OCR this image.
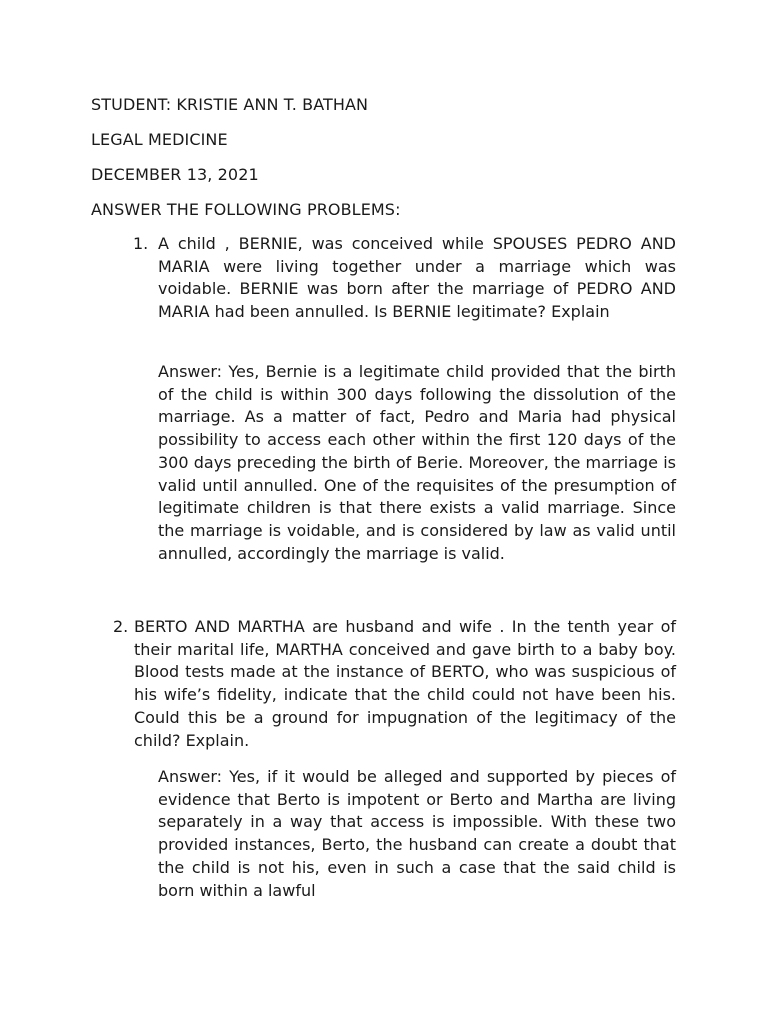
STUDENT: KRISTIE ANN T. BATHAN

LEGAL MEDICINE

DECEMBER 13, 2021

ANSWER THE FOLLOWING PROBLEMS:

1. A child , BERNIE, was conceived while SPOUSES PEDRO AND MARIA were living together under a marriage which was voidable. BERNIE was born after the marriage of PEDRO AND MARIA had been annulled. Is BERNIE legitimate? Explain

Answer: Yes, Bernie is a legitimate child provided that the birth of the child is within 300 days following the dissolution of the marriage. As a matter of fact, Pedro and Maria had physical possibility to access each other within the first 120 days of the 300 days preceding the birth of Berie. Moreover, the marriage is valid until annulled. One of the requisites of the presumption of legitimate children is that there exists a valid marriage. Since the marriage is voidable, and is considered by law as valid until annulled, accordingly the marriage is valid.

2. BERTO AND MARTHA are husband and wife . In the tenth year of their marital life, MARTHA conceived and gave birth to a baby boy. Blood tests made at the instance of BERTO, who was suspicious of his wife’s fidelity, indicate that the child could not have been his. Could this be a ground for impugnation of the legitimacy of the child? Explain.

Answer: Yes, if it would be alleged and supported by pieces of evidence that Berto is impotent or Berto and Martha are living separately in a way that access is impossible. With these two provided instances, Berto, the husband can create a doubt that the child is not his, even in such a case that the said child is born within a lawful
